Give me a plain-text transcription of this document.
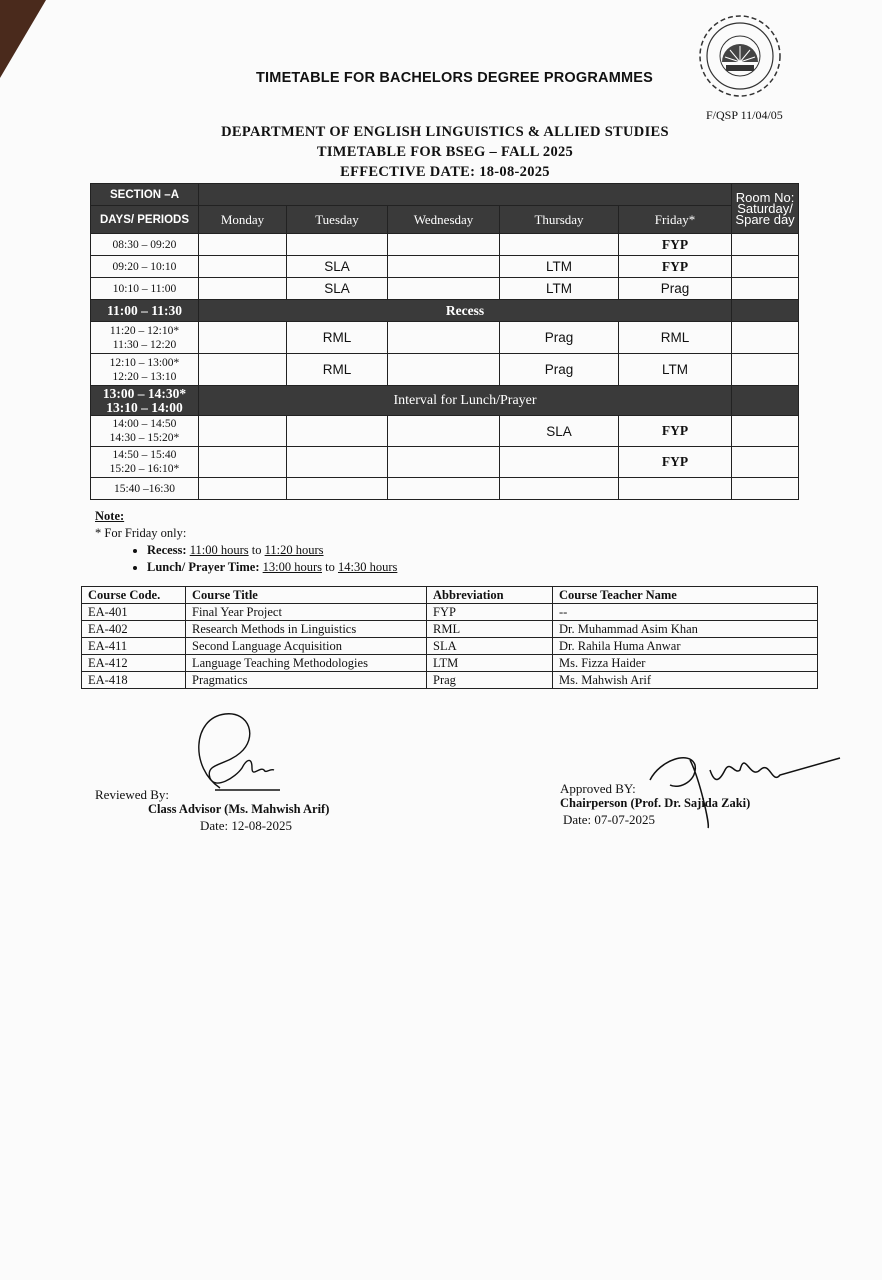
TIMETABLE FOR BACHELORS DEGREE PROGRAMMES
F/QSP 11/04/05
DEPARTMENT OF ENGLISH LINGUISTICS & ALLIED STUDIES
TIMETABLE FOR BSEG – FALL 2025
EFFECTIVE DATE: 18-08-2025
SECTION –A						Room No:
Saturday/ Spare day

DAYS/ PERIODS	Monday	Tuesday	Wednesday	Thursday	Friday*	
08:30 – 09:20					FYP	
09:20 – 10:10		SLA		LTM	FYP	
10:10 – 11:00		SLA		LTM	Prag	
11:00 – 11:30	Recess					

11:20 – 12:10*
11:30 – 12:20		RML		Prag	RML	

12:10 – 13:00*
12:20 – 13:10		RML		Prag	LTM	

13:00 – 14:30*
13:10 – 14:00	Interval for Lunch/Prayer					

14:00 – 14:50
14:30 – 15:20*				SLA	FYP	

14:50 – 15:40
15:20 – 16:10*					FYP	
15:40 –16:30						
Note:
* For Friday only:
• Recess: 11:00 hours to 11:20 hours
• Lunch/ Prayer Time: 13:00 hours to 14:30 hours
Course Code.	Course Title	Abbreviation	Course Teacher Name
EA-401	Final Year Project	FYP	--
EA-402	Research Methods in Linguistics	RML	Dr. Muhammad Asim Khan
EA-411	Second Language Acquisition	SLA	Dr. Rahila Huma Anwar
EA-412	Language Teaching Methodologies	LTM	Ms. Fizza Haider
EA-418	Pragmatics	Prag	Ms. Mahwish Arif
Reviewed By:
Class Advisor (Ms. Mahwish Arif)
Date: 12-08-2025
Approved BY:
Chairperson (Prof. Dr. Sajida Zaki)
Date: 07-07-2025
